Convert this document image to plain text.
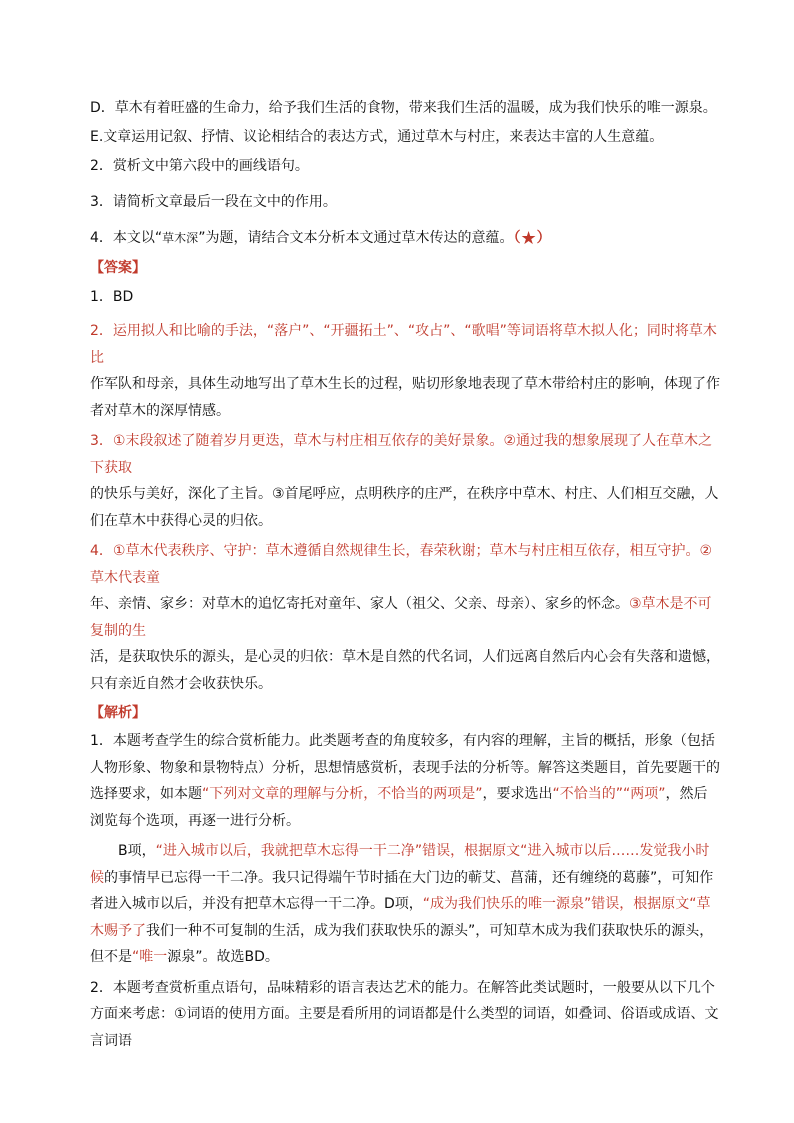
D．草木有着旺盛的生命力，给予我们生活的食物，带来我们生活的温暖，成为我们快乐的唯一源泉。

E.文章运用记叙、抒情、议论相结合的表达方式，通过草木与村庄，来表达丰富的人生意蕴。

2．赏析文中第六段中的画线语句。

3．请简析文章最后一段在文中的作用。

4．本文以“草木深”为题，请结合文本分析本文通过草木传达的意蕴。（★）

【答案】

1．BD

2．运用拟人和比喻的手法，“落户”、“开疆拓土”、“攻占”、“歌唱”等词语将草木拟人化；同时将草木比

作军队和母亲，具体生动地写出了草木生长的过程，贴切形象地表现了草木带给村庄的影响，体现了作者对草木的深厚情感。

3．①末段叙述了随着岁月更迭，草木与村庄相互依存的美好景象。②通过我的想象展现了人在草木之下获取

的快乐与美好，深化了主旨。③首尾呼应，点明秩序的庄严，在秩序中草木、村庄、人们相互交融，人们在草木中获得心灵的归依。

4．①草木代表秩序、守护：草木遵循自然规律生长，春荣秋谢；草木与村庄相互依存，相互守护。②草木代表童

年、亲情、家乡：对草木的追忆寄托对童年、家人（祖父、父亲、母亲）、家乡的怀念。③草木是不可复制的生

活，是获取快乐的源头，是心灵的归依：草木是自然的代名词，人们远离自然后内心会有失落和遗憾，只有亲近自然才会收获快乐。

【解析】

1．本题考查学生的综合赏析能力。此类题考查的角度较多，有内容的理解，主旨的概括，形象（包括人物形象、物象和景物特点）分析，思想情感赏析，表现手法的分析等。解答这类题目，首先要题干的选择要求，如本题“下列对文章的理解与分析，不恰当的两项是”，要求选出“不恰当的”“两项”，然后浏览每个选项，再逐一进行分析。

B项，“进入城市以后，我就把草木忘得一干二净”错误，根据原文“进入城市以后……发觉我小时候的事情早已忘得一干二净。我只记得端午节时插在大门边的蕲艾、菖蒲，还有缠绕的葛藤”，可知作者进入城市以后，并没有把草木忘得一干二净。D项，“成为我们快乐的唯一源泉”错误，根据原文“草木赐予了我们一种不可复制的生活，成为我们获取快乐的源头”，可知草木成为我们获取快乐的源头，但不是“唯一源泉”。故选BD。

2．本题考查赏析重点语句，品味精彩的语言表达艺术的能力。在解答此类试题时，一般要从以下几个方面来考虑：①词语的使用方面。主要是看所用的词语都是什么类型的词语，如叠词、俗语或成语、文言词语
